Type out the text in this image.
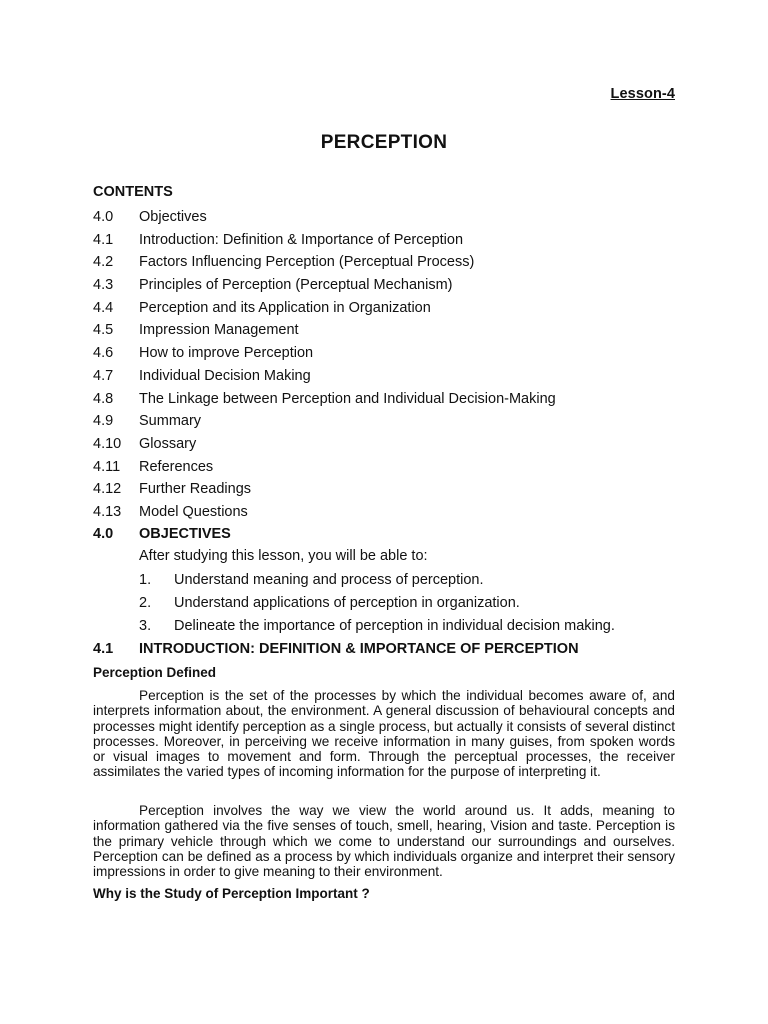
Lesson-4
PERCEPTION
CONTENTS
4.0 Objectives
4.1 Introduction: Definition & Importance of Perception
4.2 Factors Influencing Perception (Perceptual Process)
4.3 Principles of Perception (Perceptual Mechanism)
4.4 Perception and its Application in Organization
4.5 Impression Management
4.6 How to improve Perception
4.7 Individual Decision Making
4.8 The Linkage between Perception and Individual Decision-Making
4.9 Summary
4.10 Glossary
4.11 References
4.12 Further Readings
4.13 Model Questions
4.0 OBJECTIVES
After studying this lesson, you will be able to:
1. Understand meaning and process of perception.
2. Understand applications of perception in organization.
3. Delineate the importance of perception in individual decision making.
4.1 INTRODUCTION: DEFINITION & IMPORTANCE OF PERCEPTION
Perception Defined

Perception is the set of the processes by which the individual becomes aware of, and interprets information about, the environment. A general discussion of behavioural concepts and processes might identify perception as a single process, but actually it consists of several distinct processes. Moreover, in perceiving we receive information in many guises, from spoken words or visual images to movement and form. Through the perceptual processes, the receiver assimilates the varied types of incoming information for the purpose of interpreting it.

Perception involves the way we view the world around us. It adds, meaning to information gathered via the five senses of touch, smell, hearing, Vision and taste. Perception is the primary vehicle through which we come to understand our surroundings and ourselves. Perception can be defined as a process by which individuals organize and interpret their sensory impressions in order to give meaning to their environment.

Why is the Study of Perception Important ?
